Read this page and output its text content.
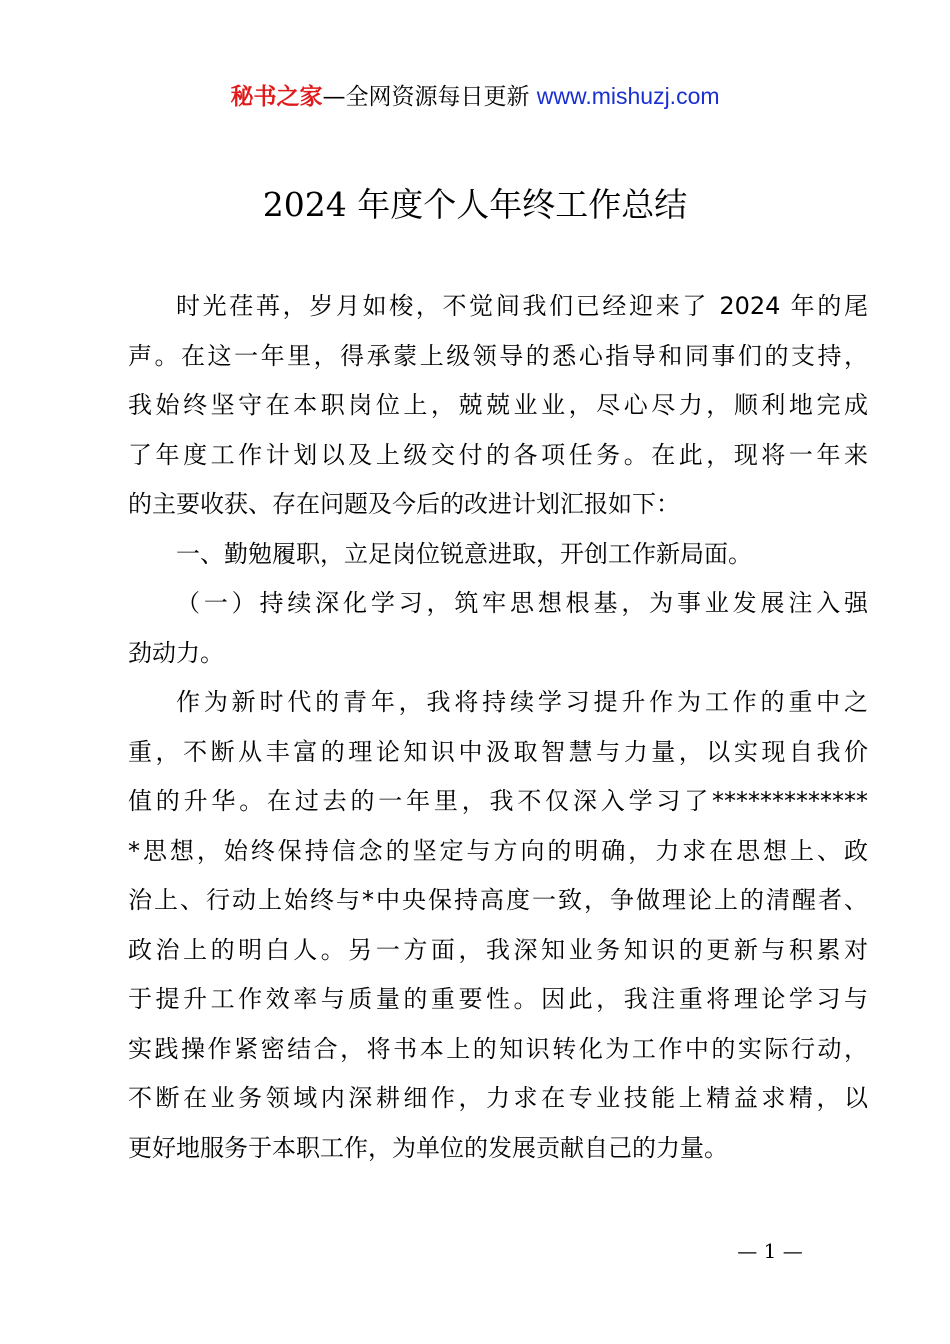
秘书之家—全网资源每日更新 www.mishuzj.com
2024 年度个人年终工作总结
时光荏苒，岁月如梭，不觉间我们已经迎来了 2024 年的尾
声。在这一年里，得承蒙上级领导的悉心指导和同事们的支持，
我始终坚守在本职岗位上，兢兢业业，尽心尽力，顺利地完成
了年度工作计划以及上级交付的各项任务。在此，现将一年来
的主要收获、存在问题及今后的改进计划汇报如下：
一、勤勉履职，立足岗位锐意进取，开创工作新局面。
（一）持续深化学习，筑牢思想根基，为事业发展注入强
劲动力。
作为新时代的青年，我将持续学习提升作为工作的重中之
重，不断从丰富的理论知识中汲取智慧与力量，以实现自我价
值的升华。在过去的一年里，我不仅深入学习了*************
*思想，始终保持信念的坚定与方向的明确，力求在思想上、政
治上、行动上始终与*中央保持高度一致，争做理论上的清醒者、
政治上的明白人。另一方面，我深知业务知识的更新与积累对
于提升工作效率与质量的重要性。因此，我注重将理论学习与
实践操作紧密结合，将书本上的知识转化为工作中的实际行动，
不断在业务领域内深耕细作，力求在专业技能上精益求精，以
更好地服务于本职工作，为单位的发展贡献自己的力量。
— 1 —
